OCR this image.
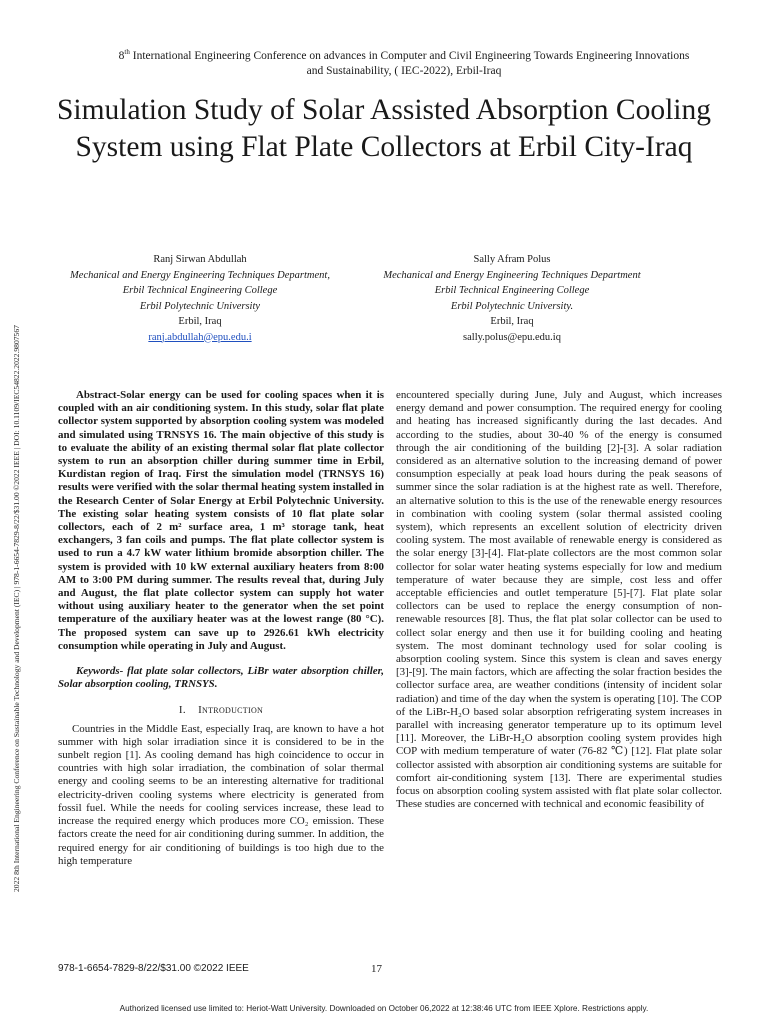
2022 8th International Engineering Conference on Sustainable Technology and Development (IEC) | 978-1-6654-7829-8/22/$31.00 ©2022 IEEE | DOI: 10.1109/IEC54822.2022.9807567
8th International Engineering Conference on advances in Computer and Civil Engineering Towards Engineering Innovations
and Sustainability, ( IEC-2022), Erbil-Iraq
Simulation Study of Solar Assisted Absorption Cooling System using Flat Plate Collectors at Erbil City-Iraq
Ranj Sirwan Abdullah
Mechanical and Energy Engineering Techniques Department,
Erbil Technical Engineering College
Erbil Polytechnic University
Erbil, Iraq
ranj.abdullah@epu.edu.i
Sally Afram Polus
Mechanical and Energy Engineering Techniques Department
Erbil Technical Engineering College
Erbil Polytechnic University.
Erbil, Iraq
sally.polus@epu.edu.iq

Abstract-Solar energy can be used for cooling spaces when it is coupled with an air conditioning system. In this study, solar flat plate collector system supported by absorption cooling system was modeled and simulated using TRNSYS 16. The main objective of this study is to evaluate the ability of an existing thermal solar flat plate collector system to run an absorption chiller during summer time in Erbil, Kurdistan region of Iraq. First the simulation model (TRNSYS 16) results were verified with the solar thermal heating system installed in the Research Center of Solar Energy at Erbil Polytechnic University. The existing solar heating system consists of 10 flat plate solar collectors, each of 2 m² surface area, 1 m³ storage tank, heat exchangers, 3 fan coils and pumps. The flat plate collector system is used to run a 4.7 kW water lithium bromide absorption chiller. The system is provided with 10 kW external auxiliary heaters from 8:00 AM to 3:00 PM during summer. The results reveal that, during July and August, the flat plate collector system can supply hot water without using auxiliary heater to the generator when the set point temperature of the auxiliary heater was at the lowest range (80 °C). The proposed system can save up to 2926.61 kWh electricity consumption while operating in July and August.

Keywords- flat plate solar collectors, LiBr water absorption chiller, Solar absorption cooling, TRNSYS.

I. Introduction

Countries in the Middle East, especially Iraq, are known to have a hot summer with high solar irradiation since it is considered to be in the sunbelt region [1]. As cooling demand has high coincidence to occur in countries with high solar irradiation, the combination of solar thermal energy and cooling seems to be an interesting alternative for traditional electricity-driven cooling systems where electricity is generated from fossil fuel. While the needs for cooling services increase, these lead to increase the required energy which produces more CO₂ emission. These factors create the need for air conditioning during summer. In addition, the required energy for air conditioning of buildings is too high due to the high temperature

encountered specially during June, July and August, which increases energy demand and power consumption. The required energy for cooling and heating has increased significantly during the last decades. And according to the studies, about 30-40 % of the energy is consumed through the air conditioning of the building [2]-[3]. A solar radiation considered as an alternative solution to the increasing demand of power consumption especially at peak load hours during the peak seasons of summer since the solar radiation is at the highest rate as well. Therefore, an alternative solution to this is the use of the renewable energy resources in combination with cooling system (solar thermal assisted cooling system), which represents an excellent solution of electricity driven cooling system. The most available of renewable energy is considered as the solar energy [3]-[4]. Flat-plate collectors are the most common solar collector for solar water heating systems especially for low and medium temperature of water because they are simple, cost less and offer acceptable efficiencies and outlet temperature [5]-[7]. Flat plate solar collectors can be used to replace the energy consumption of non-renewable resources [8]. Thus, the flat plat solar collector can be used to collect solar energy and then use it for building cooling and heating system. The most dominant technology used for solar cooling is absorption cooling system. Since this system is clean and saves energy [3]-[9]. The main factors, which are affecting the solar fraction besides the collector surface area, are weather conditions (intensity of incident solar radiation) and time of the day when the system is operating [10]. The COP of the LiBr-H₂O based solar absorption refrigerating system increases in parallel with increasing generator temperature up to its optimum level [11]. Moreover, the LiBr-H₂O absorption cooling system provides high COP with medium temperature of water (76-82 ℃) [12]. Flat plate solar collector assisted with absorption air conditioning systems are suitable for comfort air-conditioning system [13]. There are experimental studies focus on absorption cooling system assisted with flat plate solar collector. These studies are concerned with technical and economic feasibility of

978-1-6654-7829-8/22/$31.00 ©2022 IEEE	17
Authorized licensed use limited to: Heriot-Watt University. Downloaded on October 06,2022 at 12:38:46 UTC from IEEE Xplore. Restrictions apply.
